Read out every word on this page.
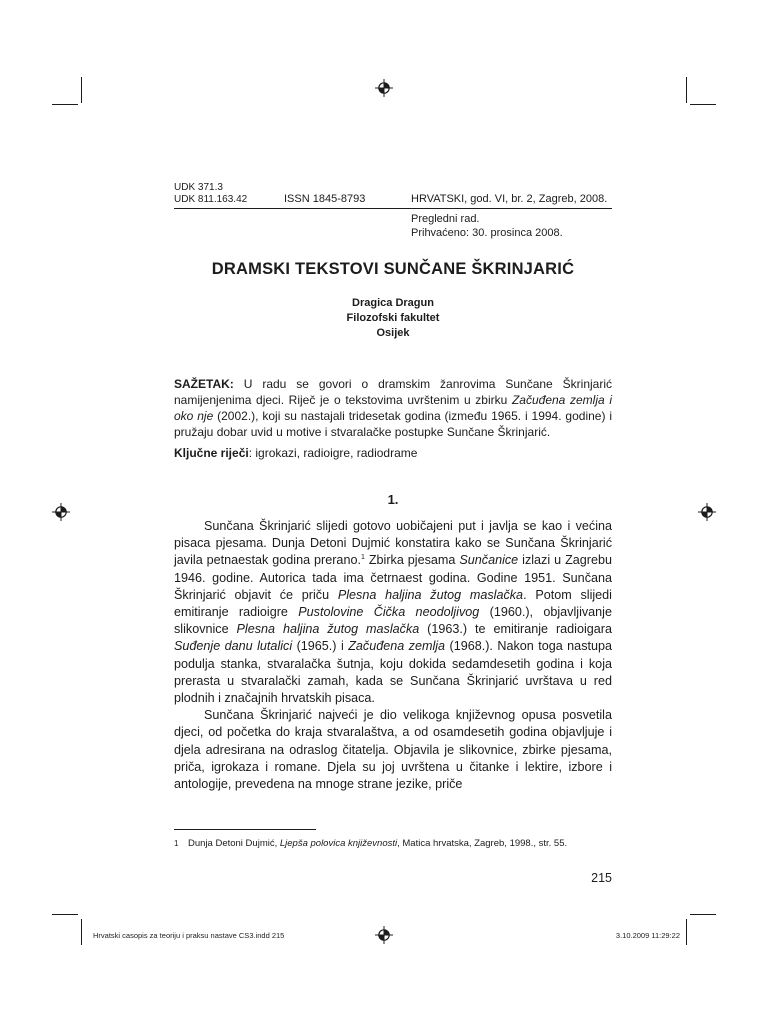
UDK 371.3
UDK 811.163.42	ISSN 1845-8793	HRVATSKI, god. VI, br. 2, Zagreb, 2008.
Pregledni rad.
Prihvaćeno: 30. prosinca 2008.
DRAMSKI TEKSTOVI SUNČANE ŠKRINJARIĆ
Dragica Dragun
Filozofski fakultet
Osijek
SAŽETAK: U radu se govori o dramskim žanrovima Sunčane Škrinjarić namijenjenima djeci. Riječ je o tekstovima uvrštenim u zbirku Začuđena zemlja i oko nje (2002.), koji su nastajali tridesetak godina (između 1965. i 1994. godine) i pružaju dobar uvid u motive i stvaralačke postupke Sunčane Škrinjarić.
Ključne riječi: igrokazi, radioigre, radiodrame
1.

Sunčana Škrinjarić slijedi gotovo uobičajeni put i javlja se kao i većina pisaca pjesama. Dunja Detoni Dujmić konstatira kako se Sunčana Škrinjarić javila petnaestak godina prerano.$^1$ Zbirka pjesama Sunčanice izlazi u Zagrebu 1946. godine. Autorica tada ima četrnaest godina. Godine 1951. Sunčana Škrinjarić objavit će priču Plesna haljina žutog maslačka. Potom slijedi emitiranje radioigre Pustolovine Čička neodoljivog (1960.), objavljivanje slikovnice Plesna haljina žutog maslačka (1963.) te emitiranje radioigara Suđenje danu lutalici (1965.) i Začuđena zemlja (1968.). Nakon toga nastupa podulja stanka, stvaralačka šutnja, koju dokida sedamdesetih godina i koja prerasta u stvaralački zamah, kada se Sunčana Škrinjarić uvrštava u red plodnih i značajnih hrvatskih pisaca.

Sunčana Škrinjarić najveći je dio velikoga književnog opusa posvetila djeci, od početka do kraja stvaralaštva, a od osamdesetih godina objavljuje i djela adresirana na odraslog čitatelja. Objavila je slikovnice, zbirke pjesama, priča, igrokaza i romane. Djela su joj uvrštena u čitanke i lektire, izbore i antologije, prevedena na mnoge strane jezike, priče

1 Dunja Detoni Dujmić, Ljepša polovica književnosti, Matica hrvatska, Zagreb, 1998., str. 55.
215
Hrvatski casopis za teoriju i praksu nastave CS3.indd 215	3.10.2009 11:29:22
